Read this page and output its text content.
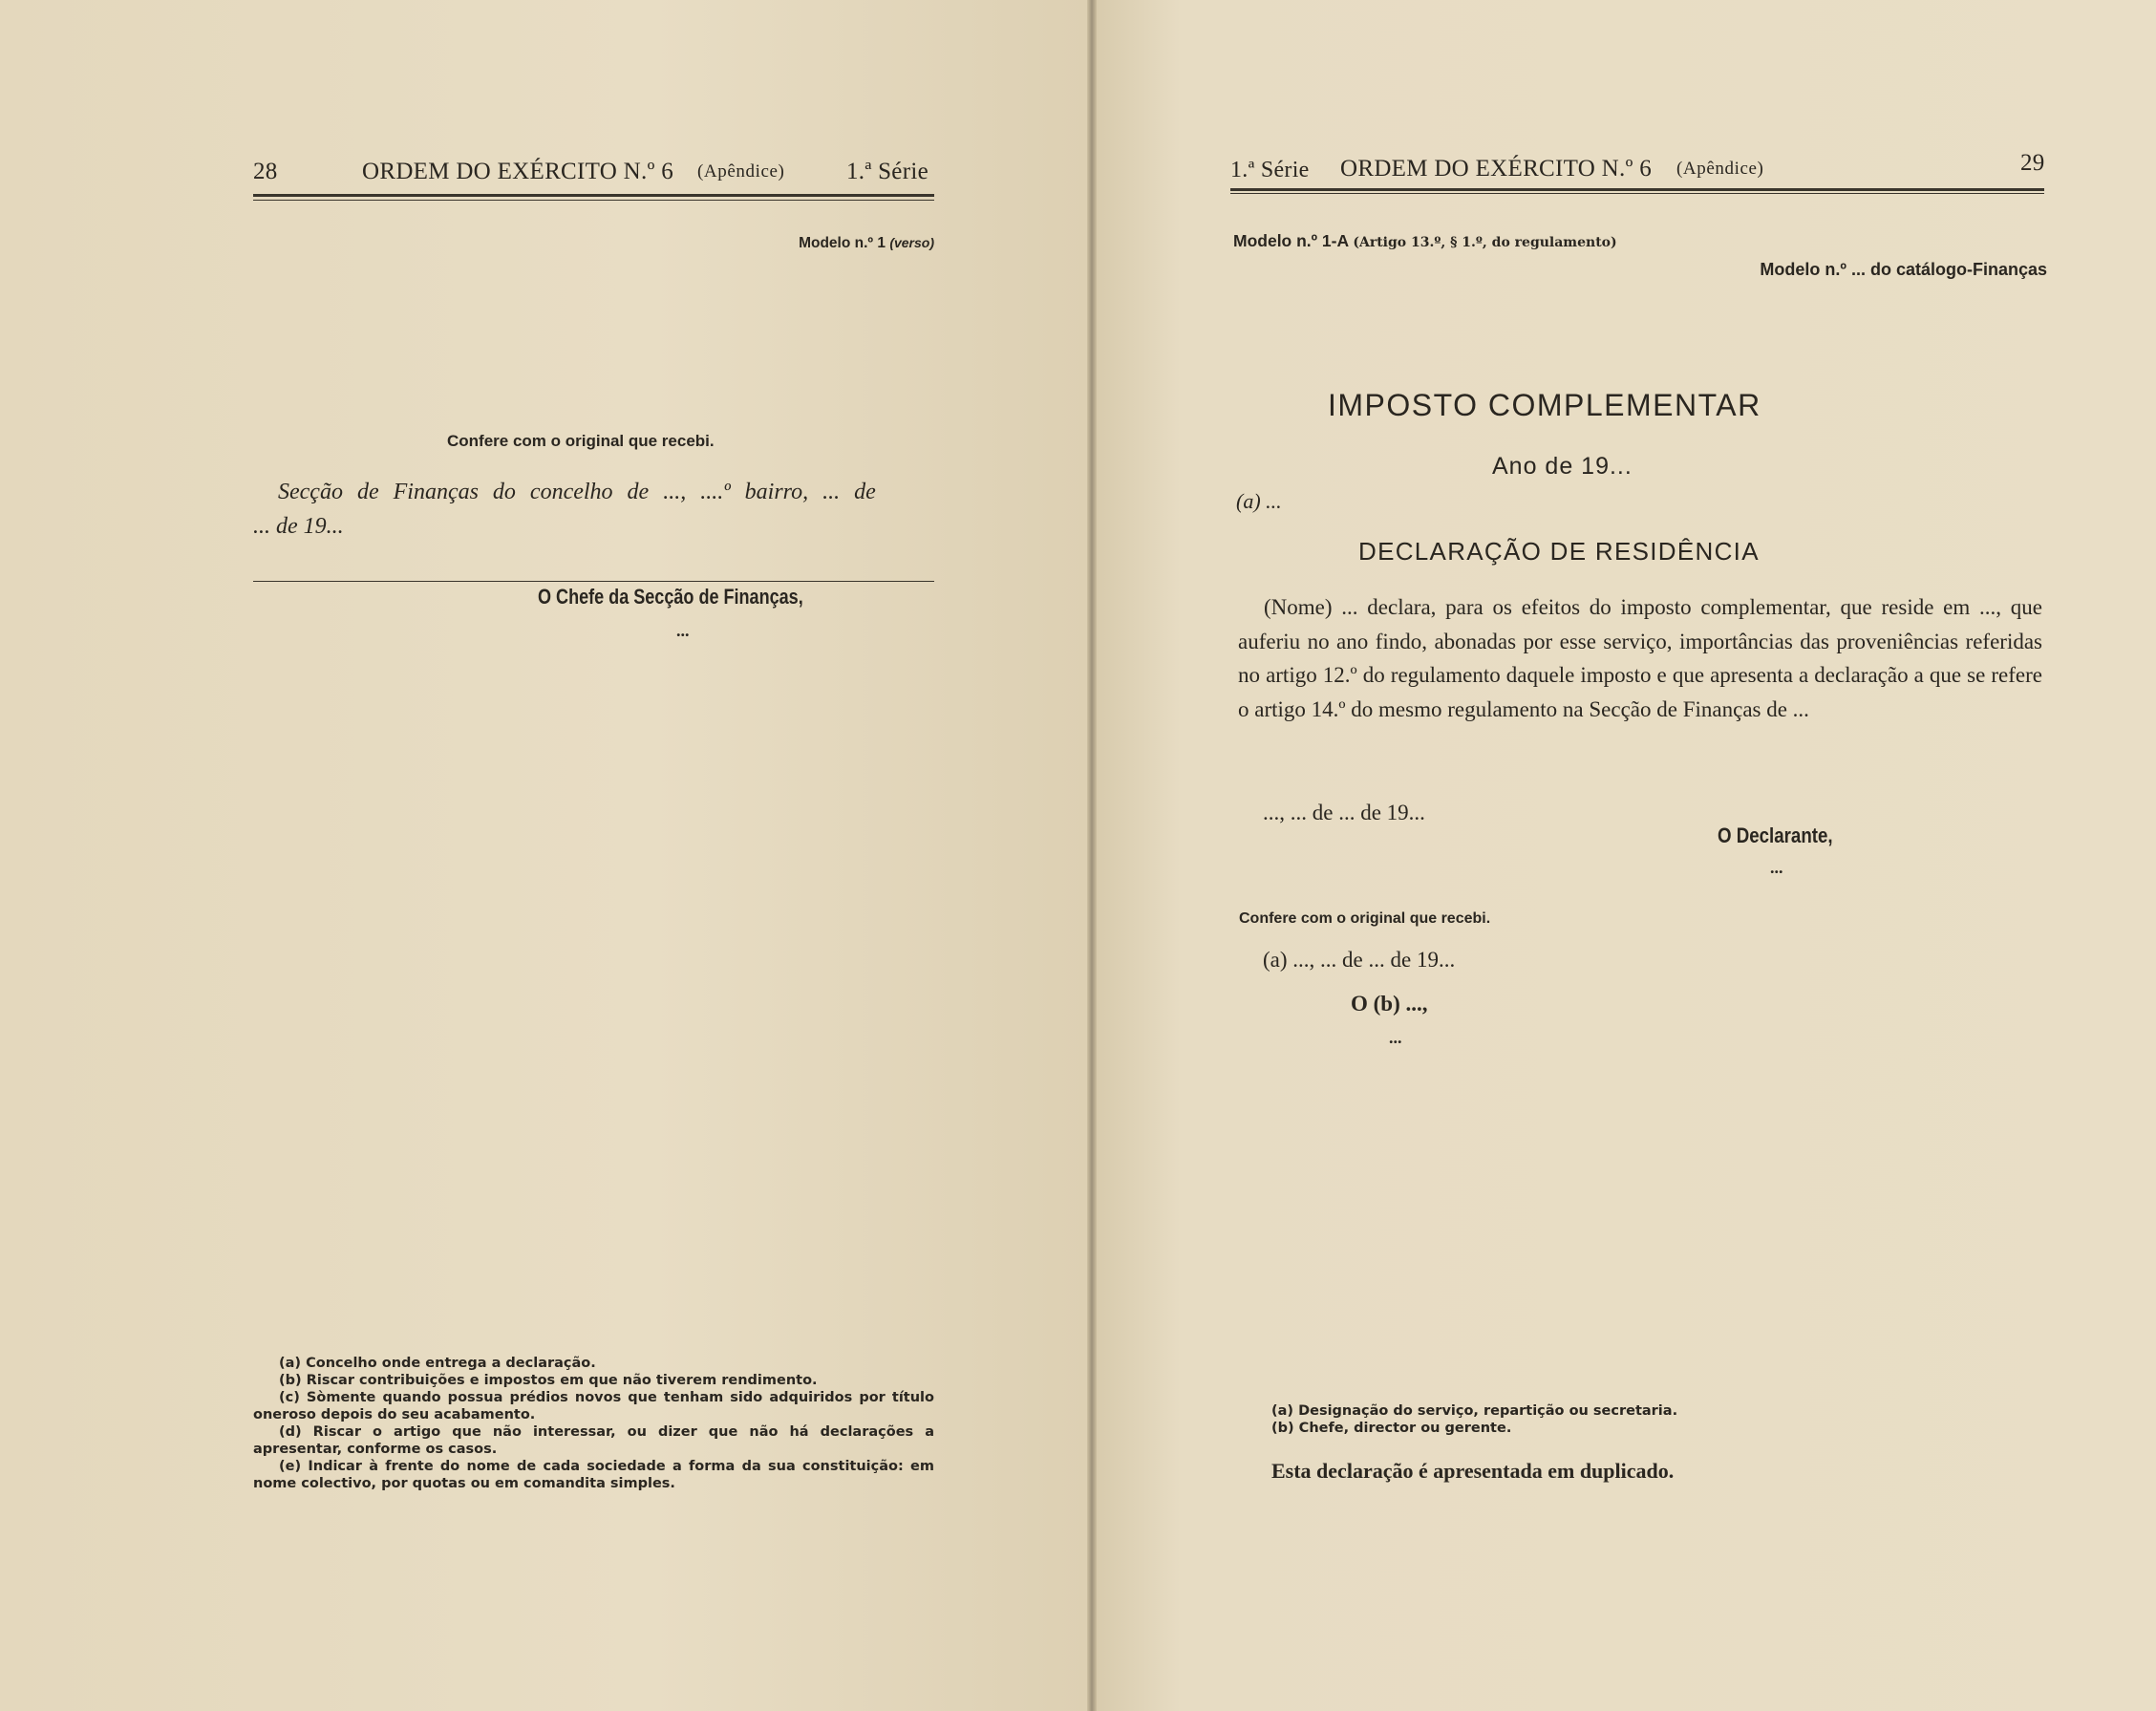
28	ORDEM DO EXÉRCITO N.º 6 (Apêndice)	1.ª Série
Modelo n.º 1 (verso)
Confere com o original que recebi.
Secção de Finanças do concelho de ..., ....º bairro, ... de
... de 19...
O Chefe da Secção de Finanças,
...

(a) Concelho onde entrega a declaração.

(b) Riscar contribuições e impostos em que não tiverem rendimento.

(c) Sòmente quando possua prédios novos que tenham sido adquiridos por título oneroso depois do seu acabamento.

(d) Riscar o artigo que não interessar, ou dizer que não há declarações a apresentar, conforme os casos.

(e) Indicar à frente do nome de cada sociedade a forma da sua constituição: em nome colectivo, por quotas ou em comandita simples.

1.ª Série ORDEM DO EXÉRCITO N.º 6 (Apêndice)	29
Modelo n.º 1-A (Artigo 13.º, § 1.º, do regulamento)
Modelo n.º ... do catálogo-Finanças
IMPOSTO COMPLEMENTAR
Ano de 19...
(a) ...
DECLARAÇÃO DE RESIDÊNCIA
(Nome) ... declara, para os efeitos do imposto complementar, que reside em ..., que auferiu no ano findo, abonadas por esse serviço, importâncias das proveniências referidas no artigo 12.º do regulamento daquele imposto e que apresenta a declaração a que se refere o artigo 14.º do mesmo regulamento na Secção de Finanças de ...
..., ... de ... de 19...
O Declarante,
...
Confere com o original que recebi.
(a) ..., ... de ... de 19...
O (b) ...,
...

(a) Designação do serviço, repartição ou secretaria.

(b) Chefe, director ou gerente.

Esta declaração é apresentada em duplicado.
